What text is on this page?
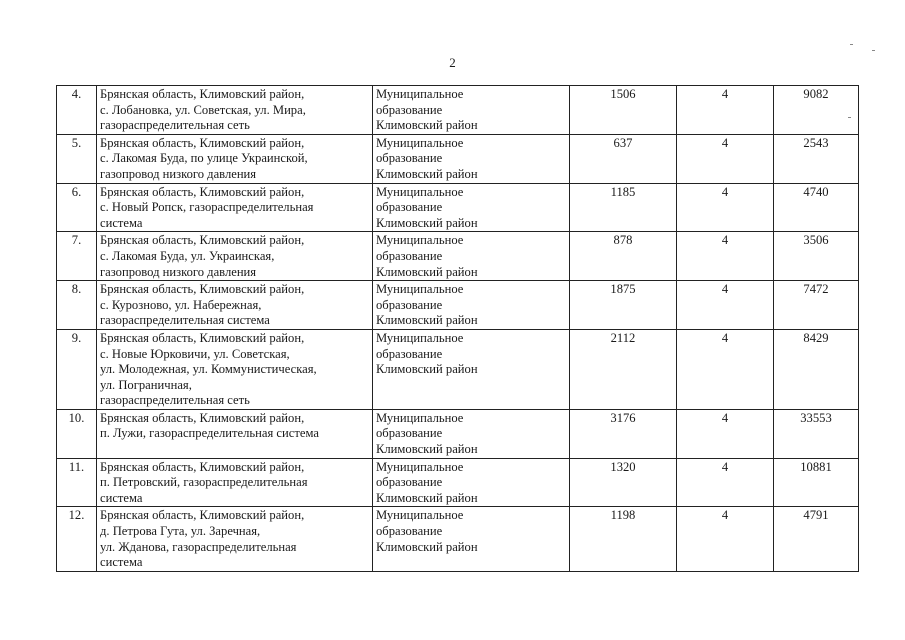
2
4.	Брянская область, Климовский район,
с. Лобановка, ул. Советская, ул. Мира,
газораспределительная сеть	Муниципальное
образование
Климовский район	1506	4	9082
5.	Брянская область, Климовский район,
с. Лакомая Буда, по улице Украинской,
газопровод низкого давления	Муниципальное
образование
Климовский район	637	4	2543
6.	Брянская область, Климовский район,
с. Новый Ропск, газораспределительная
система	Муниципальное
образование
Климовский район	1185	4	4740
7.	Брянская область, Климовский район,
с. Лакомая Буда, ул. Украинская,
газопровод низкого давления	Муниципальное
образование
Климовский район	878	4	3506
8.	Брянская область, Климовский район,
с. Курозново, ул. Набережная,
газораспределительная система	Муниципальное
образование
Климовский район	1875	4	7472
9.	Брянская область, Климовский район,
с. Новые Юрковичи, ул. Советская,
ул. Молодежная, ул. Коммунистическая,
ул. Пограничная,
газораспределительная сеть	Муниципальное
образование
Климовский район	2112	4	8429
10.	Брянская область, Климовский район,
п. Лужи, газораспределительная система	Муниципальное
образование
Климовский район	3176	4	33553
11.	Брянская область, Климовский район,
п. Петровский, газораспределительная
система	Муниципальное
образование
Климовский район	1320	4	10881
12.	Брянская область, Климовский район,
д. Петрова Гута, ул. Заречная,
ул. Жданова, газораспределительная
система	Муниципальное
образование
Климовский район	1198	4	4791
